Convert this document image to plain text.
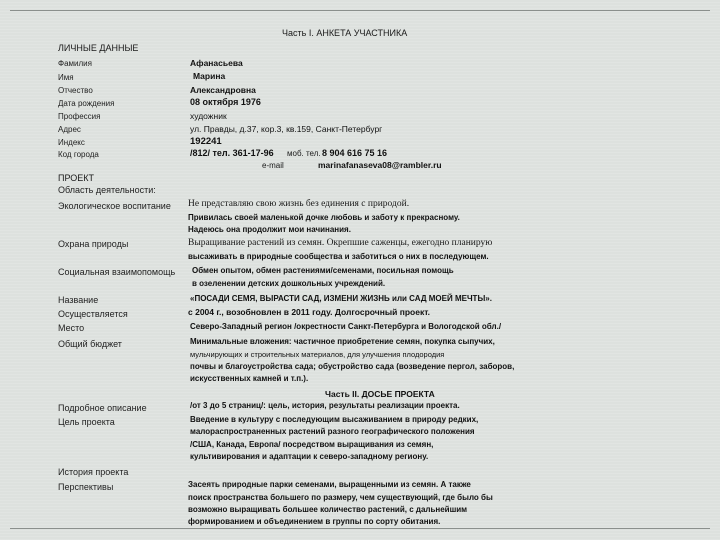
Часть I. АНКЕТА УЧАСТНИКА
ЛИЧНЫЕ ДАННЫЕ
Фамилия	Афанасьева
Имя	Марина
Отчество	Александровна
Дата рождения	08 октября 1976
Профессия	художник
Адрес	ул. Правды, д.37, кор.3, кв.159, Санкт-Петербург
Индекс	192241
Код города	/812/ тел. 361-17-96 моб. тел. 8 904 616 75 16
e-mail	marinafanaseva08@rambler.ru
ПРОЕКТ
Область деятельности:
Экологическое воспитание Не представляю свою жизнь без единения с природой.
Привилась своей маленькой дочке любовь и заботу к прекрасному.
Надеюсь она продолжит мои начинания.
Охрана природы	Выращивание растений из семян. Окрепшие саженцы, ежегодно планирую
высаживать в природные сообщества и заботиться о них в последующем.
Социальная взаимопомощь Обмен опытом, обмен растениями/семенами, посильная помощь
в озеленении детских дошкольных учреждений.
Название	«ПОСАДИ СЕМЯ, ВЫРАСТИ САД, ИЗМЕНИ ЖИЗНЬ или САД МОЕЙ МЕЧТЫ».
Осуществляется	с 2004 г., возобновлен в 2011 году. Долгосрочный проект.
Место	Северо-Западный регион /окрестности Санкт-Петербурга и Вологодской обл./
Общий бюджет	Минимальные вложения: частичное приобретение семян, покупка сыпучих,
мульчирующих и строительных материалов, для улучшения плодородия
почвы и благоустройства сада; обустройство сада (возведение пергол, заборов,
искусственных камней и т.п.).
Часть II. ДОСЬЕ ПРОЕКТА
Подробное описание	/от 3 до 5 страниц/: цель, история, результаты реализации проекта.
Цель проекта	Введение в культуру с последующим высаживанием в природу редких,
малораспространенных растений разного географического положения
/США, Канада, Европа/ посредством выращивания из семян,
культивирования и адаптации к северо-западному региону.
История проекта
Перспективы	Засеять природные парки семенами, выращенными из семян. А также
поиск пространства большего по размеру, чем существующий, где было бы
возможно выращивать большее количество растений, с дальнейшим
формированием и объединением в группы по сорту обитания.
